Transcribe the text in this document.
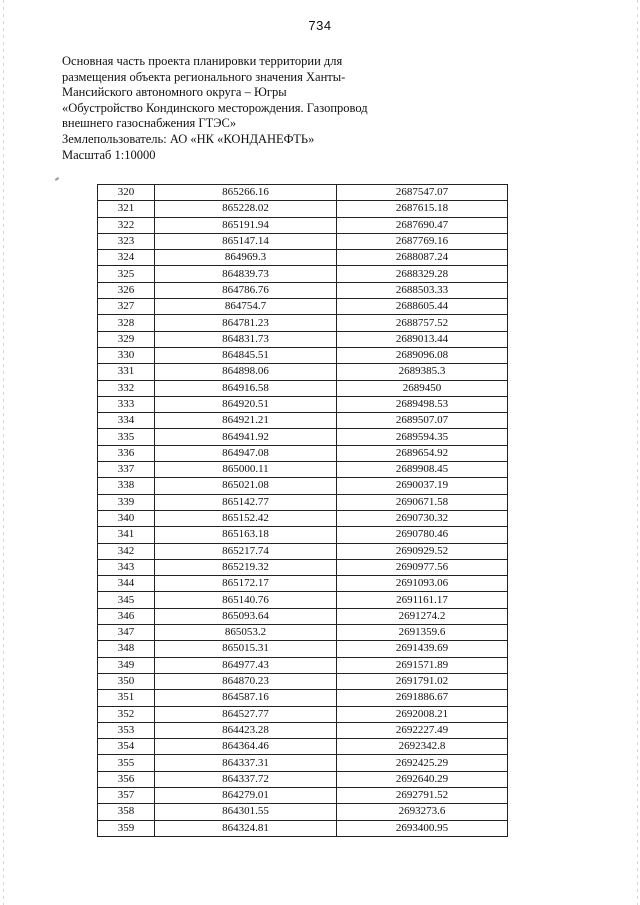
734
Основная часть проекта планировки территории для
размещения объекта регионального значения Ханты-
Мансийского автономного округа – Югры
«Обустройство Кондинского месторождения. Газопровод
внешнего газоснабжения ГТЭС»
Землепользователь: АО «НК «КОНДАНЕФТЬ»
Масштаб 1:10000
320	865266.16	2687547.07
321	865228.02	2687615.18
322	865191.94	2687690.47
323	865147.14	2687769.16
324	864969.3	2688087.24
325	864839.73	2688329.28
326	864786.76	2688503.33
327	864754.7	2688605.44
328	864781.23	2688757.52
329	864831.73	2689013.44
330	864845.51	2689096.08
331	864898.06	2689385.3
332	864916.58	2689450
333	864920.51	2689498.53
334	864921.21	2689507.07
335	864941.92	2689594.35
336	864947.08	2689654.92
337	865000.11	2689908.45
338	865021.08	2690037.19
339	865142.77	2690671.58
340	865152.42	2690730.32
341	865163.18	2690780.46
342	865217.74	2690929.52
343	865219.32	2690977.56
344	865172.17	2691093.06
345	865140.76	2691161.17
346	865093.64	2691274.2
347	865053.2	2691359.6
348	865015.31	2691439.69
349	864977.43	2691571.89
350	864870.23	2691791.02
351	864587.16	2691886.67
352	864527.77	2692008.21
353	864423.28	2692227.49
354	864364.46	2692342.8
355	864337.31	2692425.29
356	864337.72	2692640.29
357	864279.01	2692791.52
358	864301.55	2693273.6
359	864324.81	2693400.95
